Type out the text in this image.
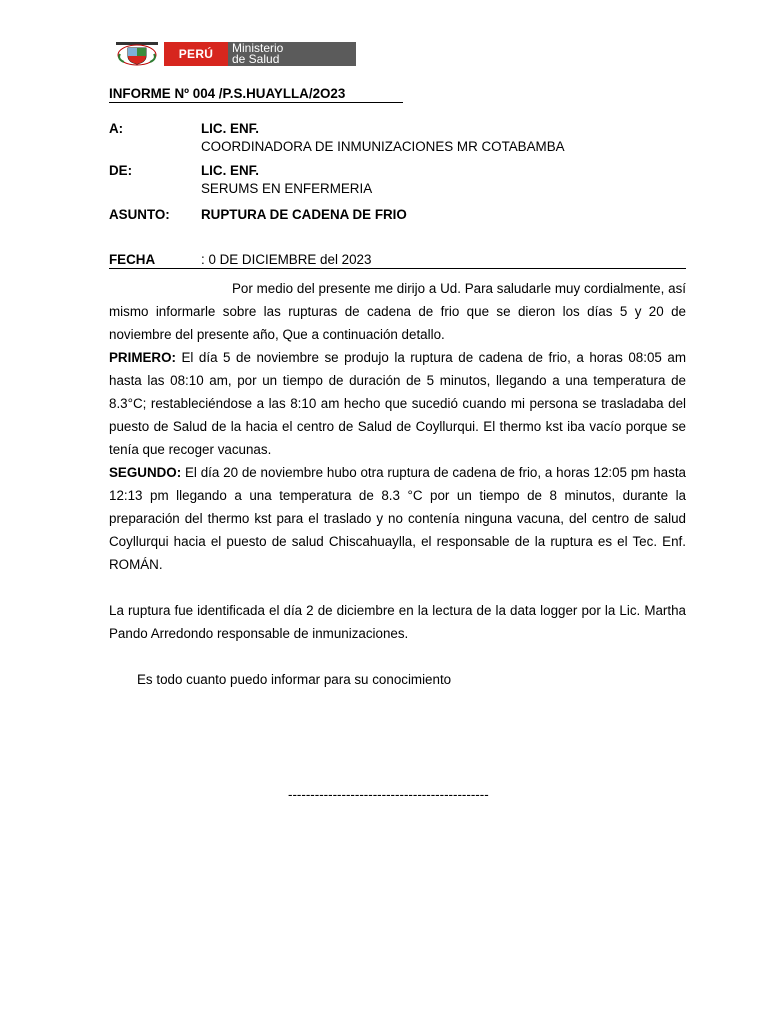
PERÚ	Ministerio
de Salud
INFORME Nº 004 /P.S.HUAYLLA/2O23
A:	LIC. ENF.
COORDINADORA DE INMUNIZACIONES MR COTABAMBA
DE:	LIC. ENF.
SERUMS EN ENFERMERIA
ASUNTO: RUPTURA DE CADENA DE FRIO
FECHA	: 0 DE DICIEMBRE del 2023

Por medio del presente me dirijo a Ud. Para saludarle muy cordialmente, así mismo informarle sobre las rupturas de cadena de frio que se dieron los días 5 y 20 de noviembre del presente año, Que a continuación detallo.

PRIMERO: El día 5 de noviembre se produjo la ruptura de cadena de frio, a horas 08:05 am hasta las 08:10 am, por un tiempo de duración de 5 minutos, llegando a una temperatura de 8.3°C; restableciéndose a las 8:10 am hecho que sucedió cuando mi persona se trasladaba del puesto de Salud de la hacia el centro de Salud de Coyllurqui. El thermo kst iba vacío porque se tenía que recoger vacunas.

SEGUNDO: El día 20 de noviembre hubo otra ruptura de cadena de frio, a horas 12:05 pm hasta 12:13 pm llegando a una temperatura de 8.3 °C por un tiempo de 8 minutos, durante la preparación del thermo kst para el traslado y no contenía ninguna vacuna, del centro de salud Coyllurqui hacia el puesto de salud Chiscahuaylla, el responsable de la ruptura es el Tec. Enf. ROMÁN.

La ruptura fue identificada el día 2 de diciembre en la lectura de la data logger por la Lic. Martha Pando Arredondo responsable de inmunizaciones.

Es todo cuanto puedo informar para su conocimiento
---------------------------------------------
